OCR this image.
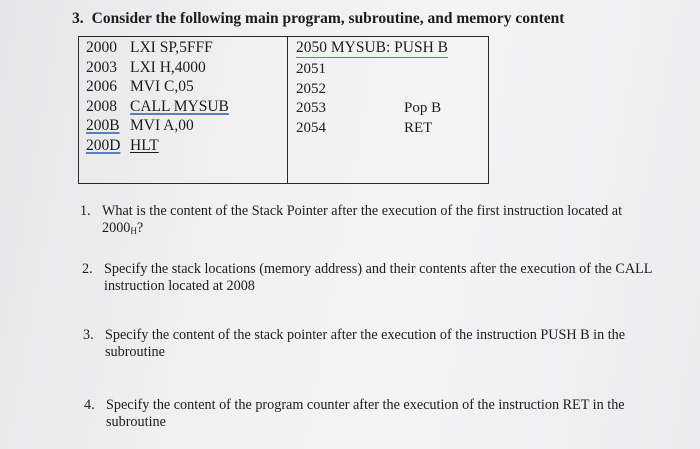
3. Consider the following main program, subroutine, and memory content
2000 LXI SP,5FFF
2003 LXI H,4000
2006 MVI C,05
2008 CALL MYSUB
200B MVI A,00
200D HLT
2050 MYSUB: PUSH B
2051
2052
2053
2054
Pop B
RET
1. What is the content of the Stack Pointer after the execution of the first instruction located at
$2000_H$?
2. Specify the stack locations (memory address) and their contents after the execution of the CALL
instruction located at 2008
3. Specify the content of the stack pointer after the execution of the instruction PUSH B in the
subroutine
4. Specify the content of the program counter after the execution of the instruction RET in the
subroutine
